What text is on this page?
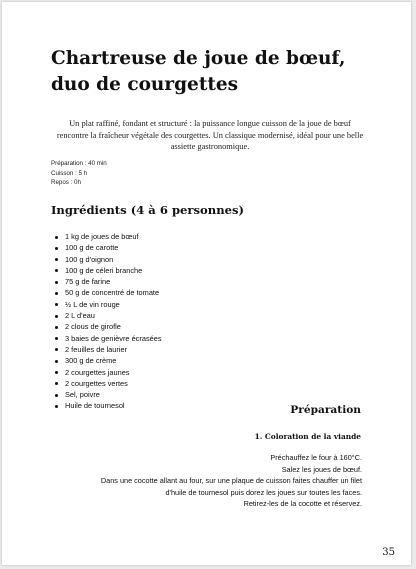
Chartreuse de joue de bœuf, duo de courgettes

Un plat raffiné, fondant et structuré : la puissance longue cuisson de la joue de bœuf rencontre la fraîcheur végétale des courgettes. Un classique modernisé, idéal pour une belle assiette gastronomique.

Préparation : 40 min
Cuisson : 5 h
Repos : 0h
Ingrédients (4 à 6 personnes)
1 kg de joues de bœuf
100 g de carotte
100 g d'oignon
100 g de céleri branche
75 g de farine
50 g de concentré de tomate
½ L de vin rouge
2 L d'eau
2 clous de girofle
3 baies de genièvre écrasées
2 feuilles de laurier
300 g de crème
2 courgettes jaunes
2 courgettes vertes
Sel, poivre
Huile de tournesol	Préparation
1. Coloration de la viande

Préchauffez le four à 160°C.

Salez les joues de bœuf.

Dans une cocotte allant au four, sur une plaque de cuisson faites chauffer un filet d'huile de tournesol puis dorez les joues sur toutes les faces.

Retirez-les de la cocotte et réservez.

35
